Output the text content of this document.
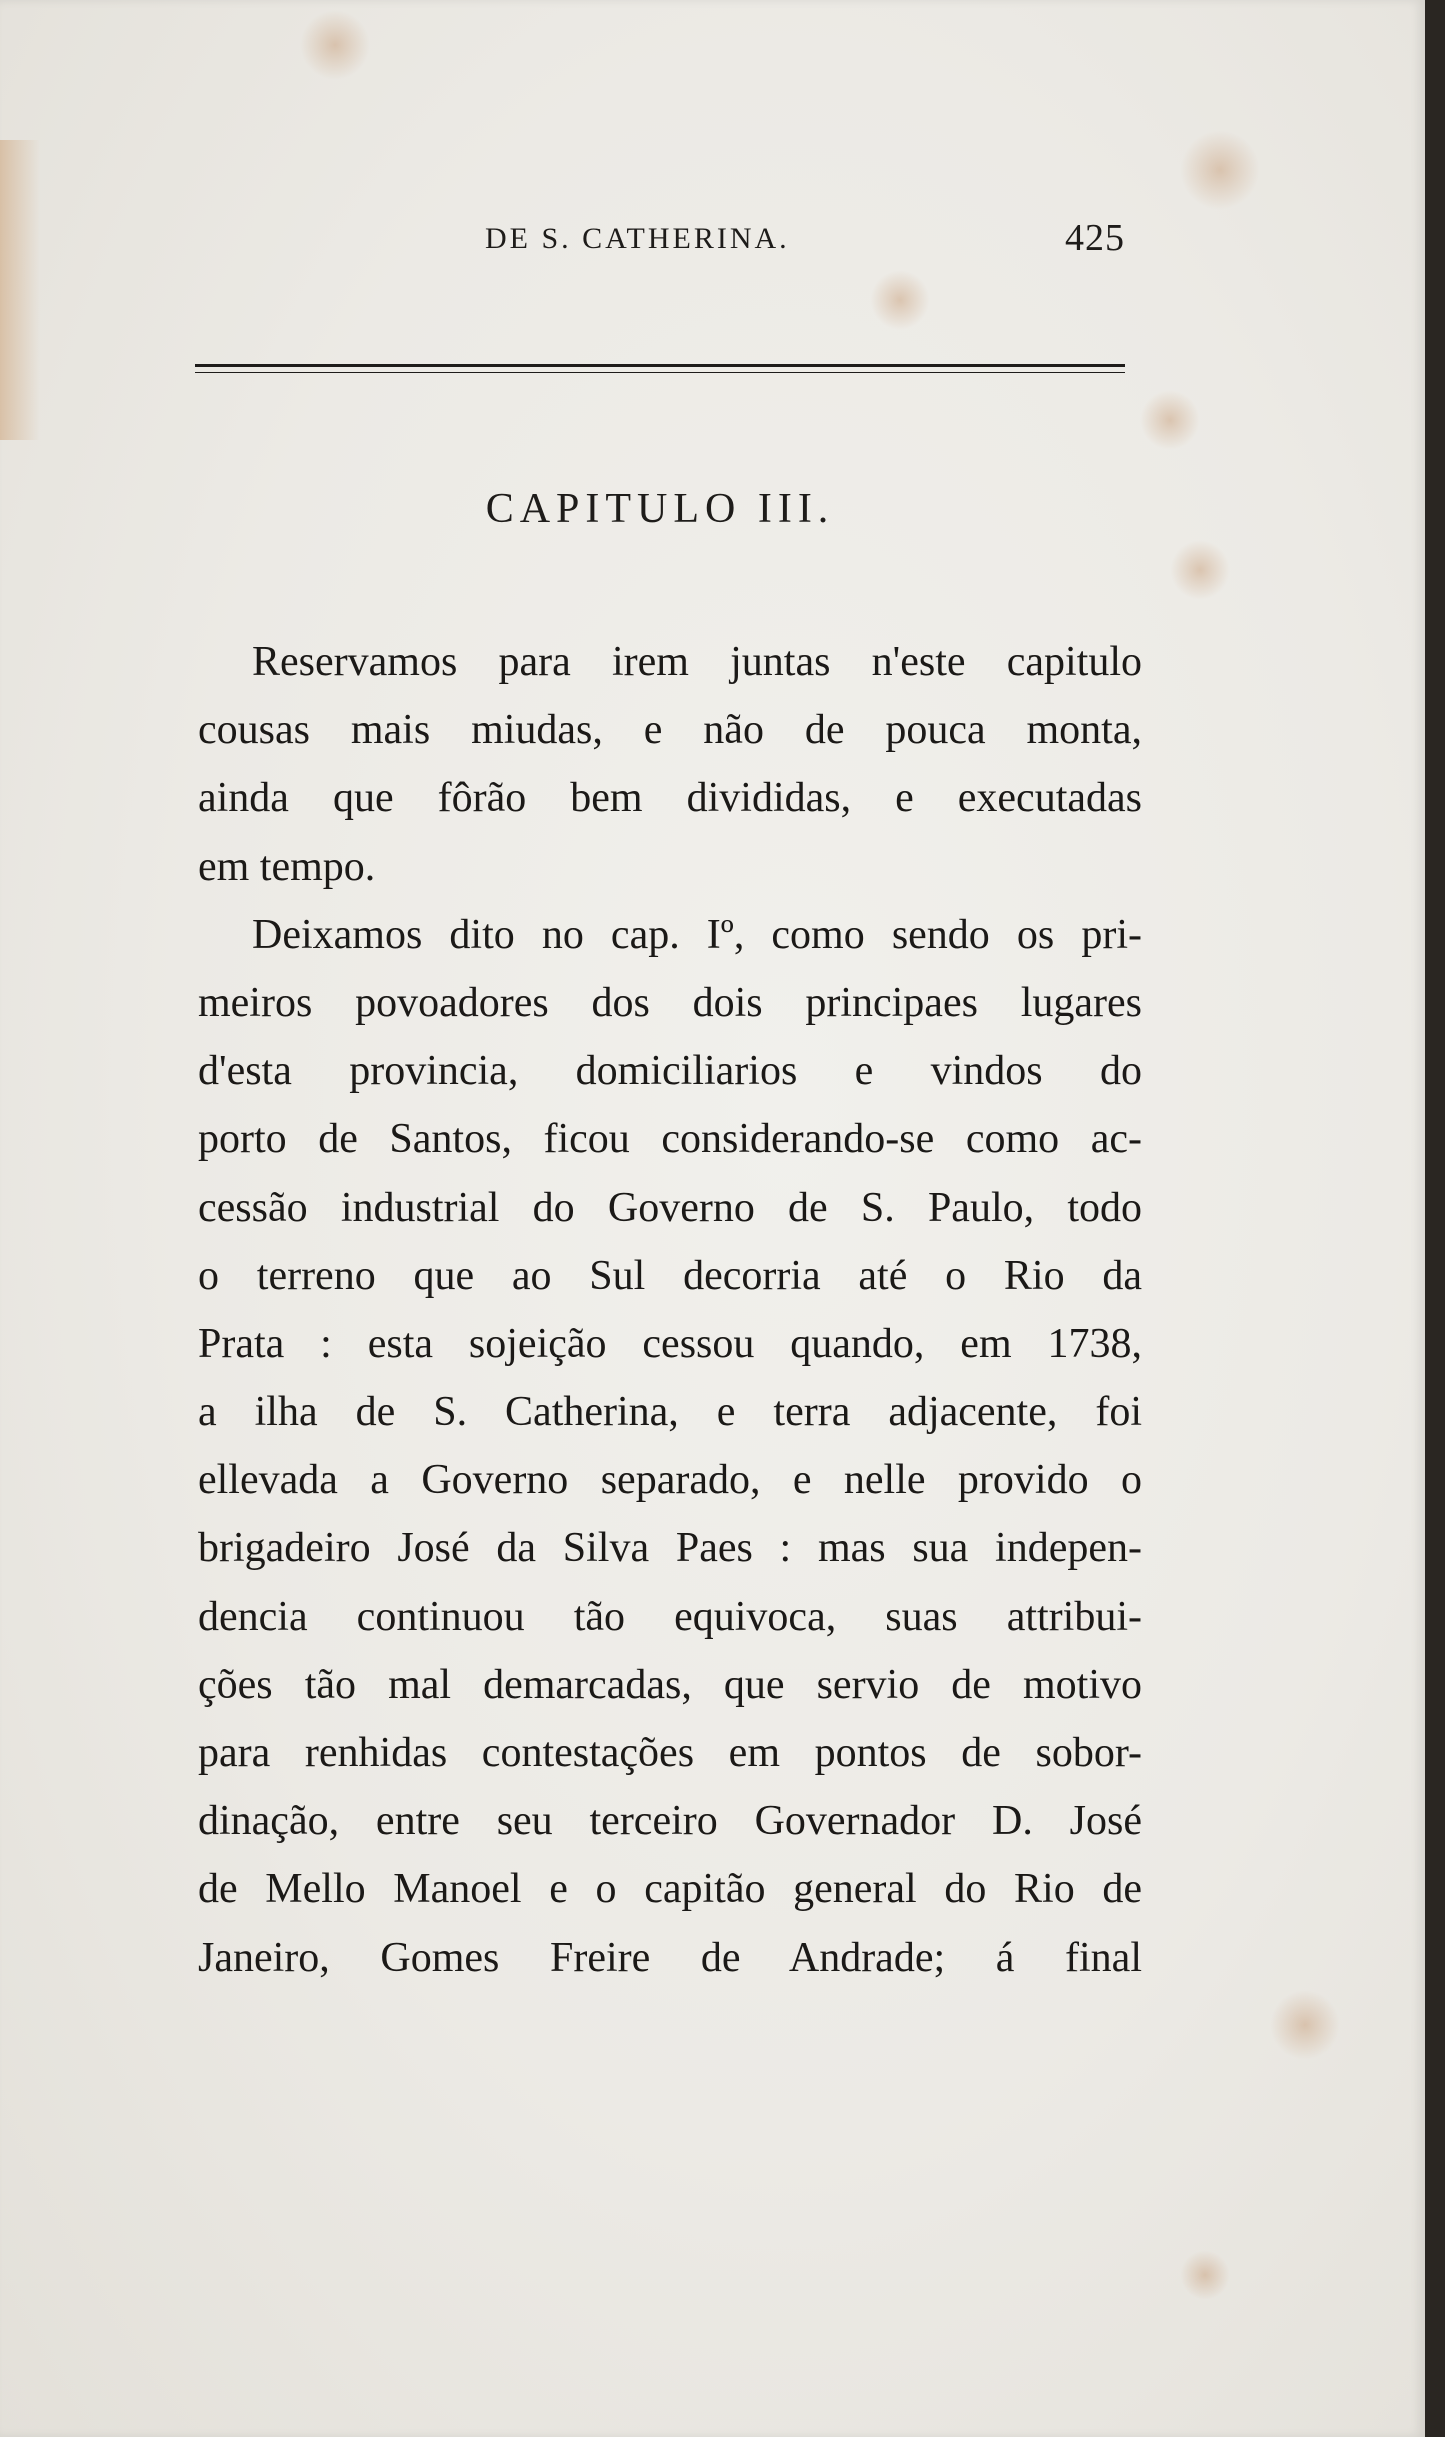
DE S. CATHERINA.	425
CAPITULO III.
Reservamos para irem juntas n'este capitulo
cousas mais miudas, e não de pouca monta,
ainda que fôrão bem divididas, e executadas
em tempo.
Deixamos dito no cap. Iº, como sendo os pri-
meiros povoadores dos dois principaes lugares
d'esta provincia, domiciliarios e vindos do
porto de Santos, ficou considerando-se como ac-
cessão industrial do Governo de S. Paulo, todo
o terreno que ao Sul decorria até o Rio da
Prata : esta sojeição cessou quando, em 1738,
a ilha de S. Catherina, e terra adjacente, foi
ellevada a Governo separado, e nelle provido o
brigadeiro José da Silva Paes : mas sua indepen-
dencia continuou tão equivoca, suas attribui-
ções tão mal demarcadas, que servio de motivo
para renhidas contestações em pontos de sobor-
dinação, entre seu terceiro Governador D. José
de Mello Manoel e o capitão general do Rio de
Janeiro, Gomes Freire de Andrade; á final
